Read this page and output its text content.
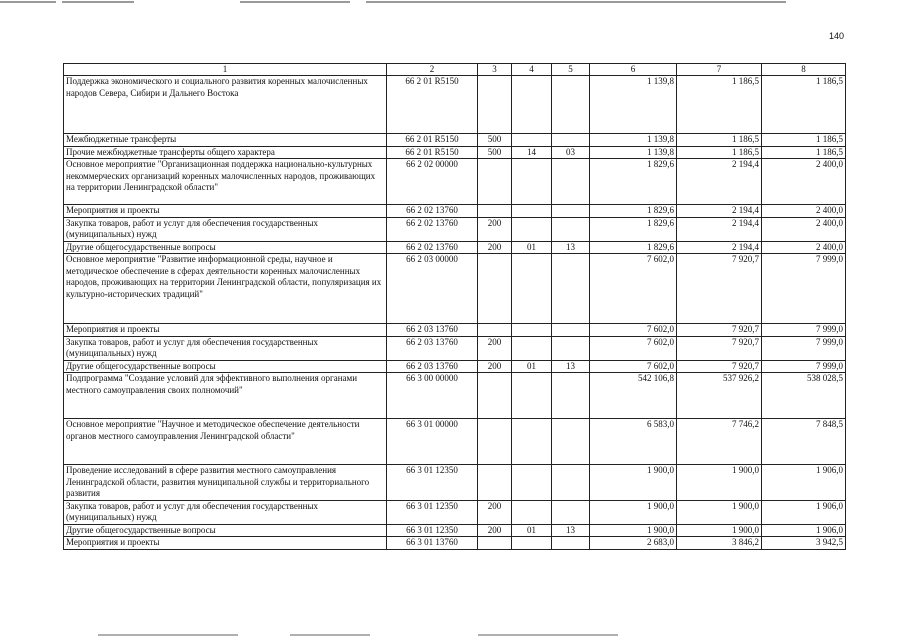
140
1	2	3	4	5	6	7	8
Поддержка экономического и социального развития коренных малочисленных народов Севера, Сибири и Дальнего Востока	66 2 01 R5150				1 139,8	1 186,5	1 186,5
Межбюджетные трансферты	66 2 01 R5150	500			1 139,8	1 186,5	1 186,5
Прочие межбюджетные трансферты общего характера	66 2 01 R5150	500	14	03	1 139,8	1 186,5	1 186,5
Основное мероприятие "Организационная поддержка национально-культурных некоммерческих организаций коренных малочисленных народов, проживающих на территории Ленинградской области"	66 2 02 00000				1 829,6	2 194,4	2 400,0
Мероприятия и проекты	66 2 02 13760				1 829,6	2 194,4	2 400,0
Закупка товаров, работ и услуг для обеспечения государственных (муниципальных) нужд	66 2 02 13760	200			1 829,6	2 194,4	2 400,0
Другие общегосударственные вопросы	66 2 02 13760	200	01	13	1 829,6	2 194,4	2 400,0
Основное мероприятие "Развитие информационной среды, научное и методическое обеспечение в сферах деятельности коренных малочисленных народов, проживающих на территории Ленинградской области, популяризация их культурно-исторических традиций"	66 2 03 00000				7 602,0	7 920,7	7 999,0
Мероприятия и проекты	66 2 03 13760				7 602,0	7 920,7	7 999,0
Закупка товаров, работ и услуг для обеспечения государственных (муниципальных) нужд	66 2 03 13760	200			7 602,0	7 920,7	7 999,0
Другие общегосударственные вопросы	66 2 03 13760	200	01	13	7 602,0	7 920,7	7 999,0
Подпрограмма "Создание условий для эффективного выполнения органами местного самоуправления своих полномочий"	66 3 00 00000				542 106,8	537 926,2	538 028,5
Основное мероприятие "Научное и методическое обеспечение деятельности органов местного самоуправления Ленинградской области"	66 3 01 00000				6 583,0	7 746,2	7 848,5
Проведение исследований в сфере развития местного самоуправления Ленинградской области, развития муниципальной службы и территориального развития	66 3 01 12350				1 900,0	1 900,0	1 906,0
Закупка товаров, работ и услуг для обеспечения государственных (муниципальных) нужд	66 3 01 12350	200			1 900,0	1 900,0	1 906,0
Другие общегосударственные вопросы	66 3 01 12350	200	01	13	1 900,0	1 900,0	1 906,0
Мероприятия и проекты	66 3 01 13760				2 683,0	3 846,2	3 942,5
